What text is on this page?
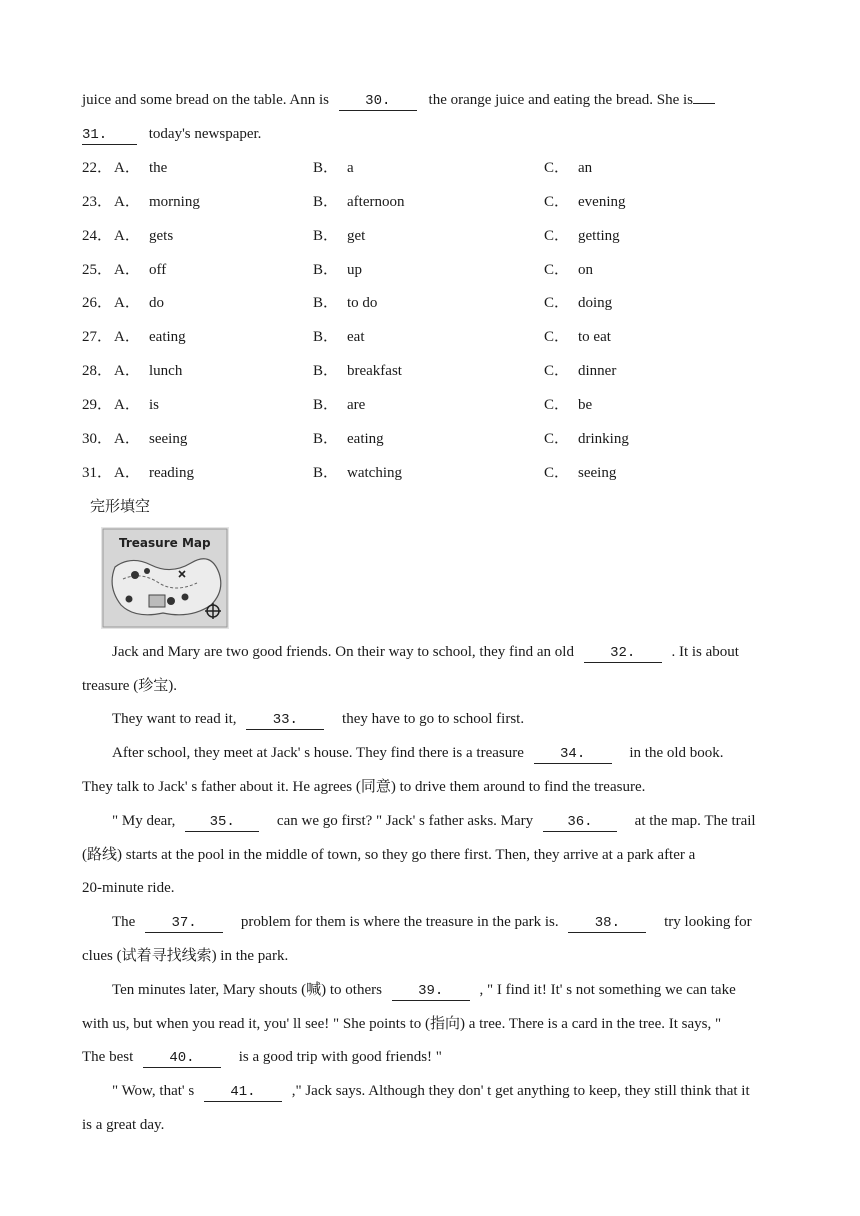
juice and some bread on the table. Ann is	30.	the orange juice and eating the bread. She is
31.	today's newspaper.
22． A． the	B． a	C． an
23． A． morning	B． afternoon	C． evening
24． A． gets	B． get	C． getting
25． A． off	B． up	C． on
26． A． do	B． to do	C． doing
27． A． eating	B． eat	C． to eat
28． A． lunch	B． breakfast	C． dinner
29． A． is	B． are	C． be
30． A． seeing	B． eating	C． drinking
31． A． reading	B． watching	C． seeing
完形填空
Treasure Map
Jack and Mary are two good friends. On their way to school, they find an old	32. . It is about
treasure (珍宝).
They want to read it,	33.	they have to go to school first.
After school, they meet at Jack' s house. They find there is a treasure	34.	in the old book.
They talk to Jack' s father about it. He agrees (同意) to drive them around to find the treasure.
" My dear, 35.	can we go first? " Jack' s father asks. Mary 36.	at the map. The trail
(路线) starts at the pool in the middle of town, so they go there first. Then, they arrive at a park after a
20-minute ride.
The	37.	problem for them is where the treasure in the park is.	38.	try looking for
clues (试着寻找线索) in the park.
Ten minutes later, Mary shouts (喊) to others	39. , " I find it! It' s not something we can take
with us, but when you read it, you' ll see! " She points to (指向) a tree. There is a card in the tree. It says, "
The best	40.	is a good trip with good friends! "
" Wow, that' s	41. ," Jack says. Although they don' t get anything to keep, they still think that it
is a great day.
